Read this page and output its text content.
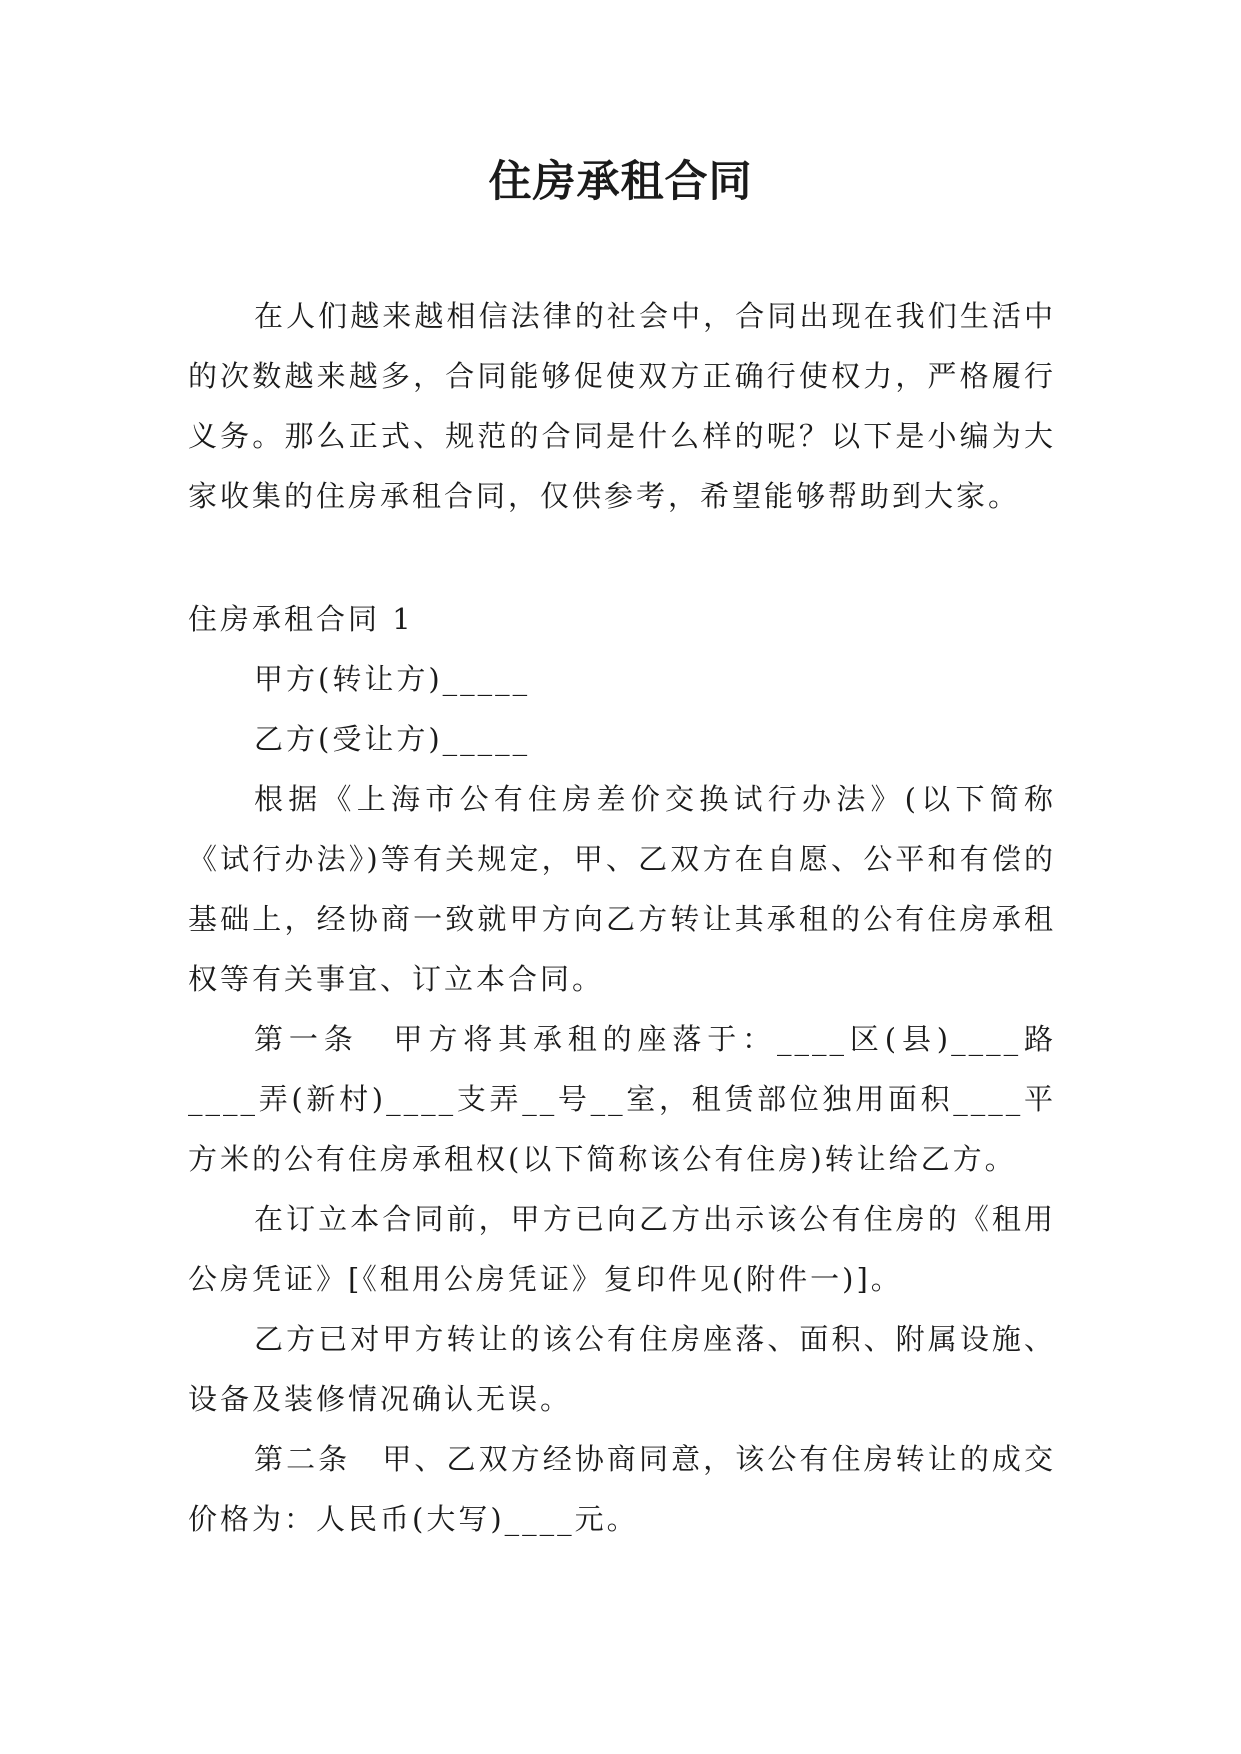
住房承租合同

在人们越来越相信法律的社会中，合同出现在我们生活中的次数越来越多，合同能够促使双方正确行使权力，严格履行义务。那么正式、规范的合同是什么样的呢？以下是小编为大家收集的住房承租合同，仅供参考，希望能够帮助到大家。

住房承租合同 1

甲方(转让方)_____

乙方(受让方)_____

根据《上海市公有住房差价交换试行办法》(以下简称《试行办法》)等有关规定，甲、乙双方在自愿、公平和有偿的基础上，经协商一致就甲方向乙方转让其承租的公有住房承租权等有关事宜、订立本合同。

第一条　甲方将其承租的座落于：____区(县)____路____弄(新村)____支弄__号__室，租赁部位独用面积____平方米的公有住房承租权(以下简称该公有住房)转让给乙方。

在订立本合同前，甲方已向乙方出示该公有住房的《租用公房凭证》[《租用公房凭证》复印件见(附件一)]。

乙方已对甲方转让的该公有住房座落、面积、附属设施、设备及装修情况确认无误。

第二条　甲、乙双方经协商同意，该公有住房转让的成交价格为：人民币(大写)____元。
